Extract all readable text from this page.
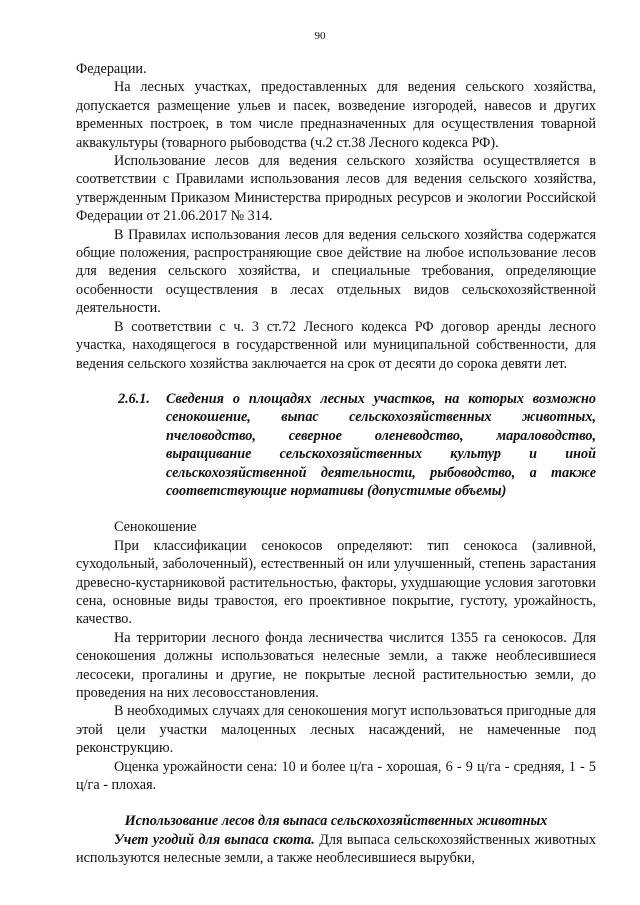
90

Федерации.

На лесных участках, предоставленных для ведения сельского хозяйства, допускается размещение ульев и пасек, возведение изгородей, навесов и других временных построек, в том числе предназначенных для осуществления товарной аквакультуры (товарного рыбоводства (ч.2 ст.38 Лесного кодекса РФ).

Использование лесов для ведения сельского хозяйства осуществляется в соответствии с Правилами использования лесов для ведения сельского хозяйства, утвержденным Приказом Министерства природных ресурсов и экологии Российской Федерации от 21.06.2017 № 314.

В Правилах использования лесов для ведения сельского хозяйства содержатся общие положения, распространяющие свое действие на любое использование лесов для ведения сельского хозяйства, и специальные требования, определяющие особенности осуществления в лесах отдельных видов сельскохозяйственной деятельности.

В соответствии с ч. 3 ст.72 Лесного кодекса РФ договор аренды лесного участка, находящегося в государственной или муниципальной собственности, для ведения сельского хозяйства заключается на срок от десяти до сорока девяти лет.

2.6.1. Сведения о площадях лесных участков, на которых возможно сенокошение, выпас сельскохозяйственных животных, пчеловодство, северное оленеводство, мараловодство, выращивание сельскохозяйственных культур и иной сельскохозяйственной деятельности, рыбоводство, а также соответствующие нормативы (допустимые объемы)

Сенокошение

При классификации сенокосов определяют: тип сенокоса (заливной, суходольный, заболоченный), естественный он или улучшенный, степень зарастания древесно-кустарниковой растительностью, факторы, ухудшающие условия заготовки сена, основные виды травостоя, его проективное покрытие, густоту, урожайность, качество.

На территории лесного фонда лесничества числится 1355 га сенокосов. Для сенокошения должны использоваться нелесные земли, а также необлесившиеся лесосеки, прогалины и другие, не покрытые лесной растительностью земли, до проведения на них лесовосстановления.

В необходимых случаях для сенокошения могут использоваться пригодные для этой цели участки малоценных лесных насаждений, не намеченные под реконструкцию.

Оценка урожайности сена: 10 и более ц/га - хорошая, 6 - 9 ц/га - средняя, 1 - 5 ц/га - плохая.

Использование лесов для выпаса сельскохозяйственных животных

Учет угодий для выпаса скота. Для выпаса сельскохозяйственных животных используются нелесные земли, а также необлесившиеся вырубки,
